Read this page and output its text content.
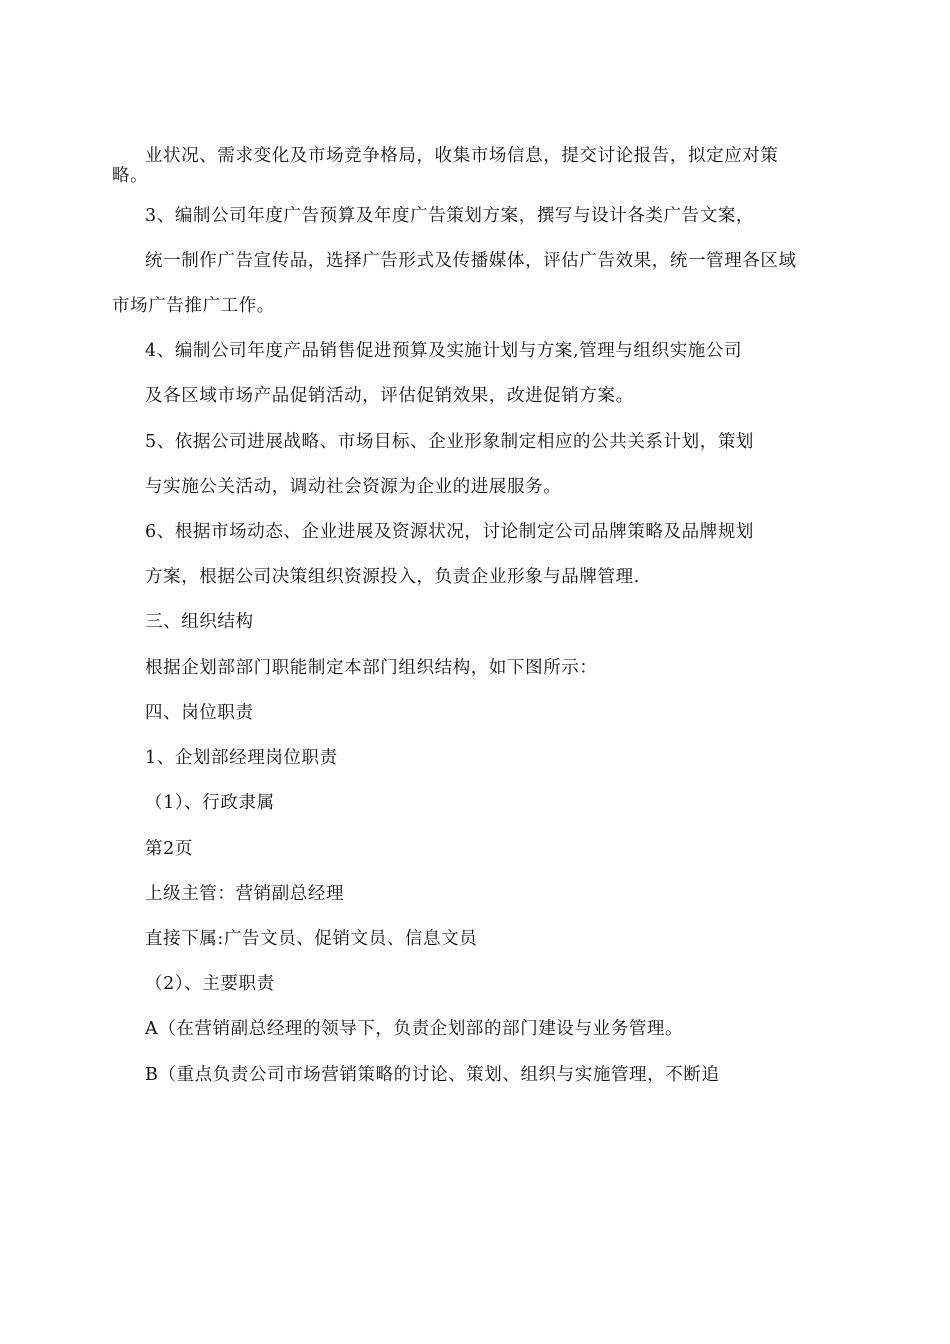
业状况、需求变化及市场竞争格局，收集市场信息，提交讨论报告，拟定应对策
略。
3、编制公司年度广告预算及年度广告策划方案，撰写与设计各类广告文案，
统一制作广告宣传品，选择广告形式及传播媒体，评估广告效果，统一管理各区域
市场广告推广工作。
4、编制公司年度产品销售促进预算及实施计划与方案,管理与组织实施公司
及各区域市场产品促销活动，评估促销效果，改进促销方案。
5、依据公司进展战略、市场目标、企业形象制定相应的公共关系计划，策划
与实施公关活动，调动社会资源为企业的进展服务。
6、根据市场动态、企业进展及资源状况，讨论制定公司品牌策略及品牌规划
方案，根据公司决策组织资源投入，负责企业形象与品牌管理.
三、组织结构
根据企划部部门职能制定本部门组织结构，如下图所示：
四、岗位职责
1、企划部经理岗位职责
（1）、行政隶属
第2页
上级主管：营销副总经理
直接下属:广告文员、促销文员、信息文员
（2）、主要职责
A（在营销副总经理的领导下，负责企划部的部门建设与业务管理。
B（重点负责公司市场营销策略的讨论、策划、组织与实施管理，不断追
